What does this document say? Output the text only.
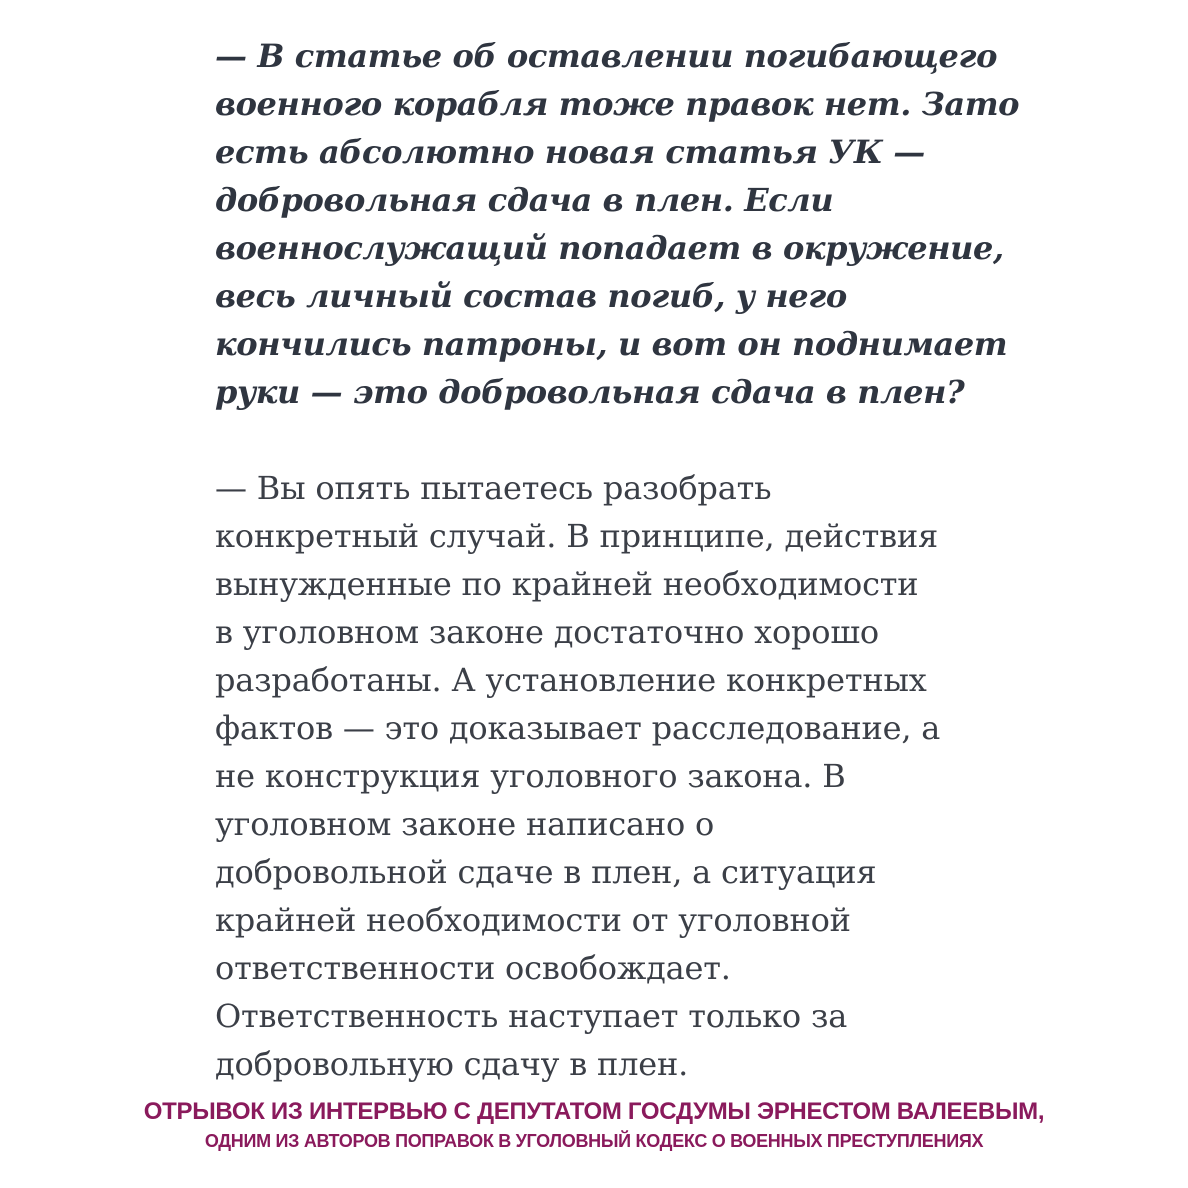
— В статье об оставлении погибающего
военного корабля тоже правок нет. Зато
есть абсолютно новая статья УК —
добровольная сдача в плен. Если
военнослужащий попадает в окружение,
весь личный состав погиб, у него
кончились патроны, и вот он поднимает
руки — это добровольная сдача в плен?

— Вы опять пытаетесь разобрать
конкретный случай. В принципе, действия
вынужденные по крайней необходимости
в уголовном законе достаточно хорошо
разработаны. А установление конкретных
фактов — это доказывает расследование, а
не конструкция уголовного закона. В
уголовном законе написано о
добровольной сдаче в плен, а ситуация
крайней необходимости от уголовной
ответственности освобождает.
Ответственность наступает только за
добровольную сдачу в плен.

ОТРЫВОК ИЗ ИНТЕРВЬЮ С ДЕПУТАТОМ ГОСДУМЫ ЭРНЕСТОМ ВАЛЕЕВЫМ,
ОДНИМ ИЗ АВТОРОВ ПОПРАВОК В УГОЛОВНЫЙ КОДЕКС О ВОЕННЫХ ПРЕСТУПЛЕНИЯХ
